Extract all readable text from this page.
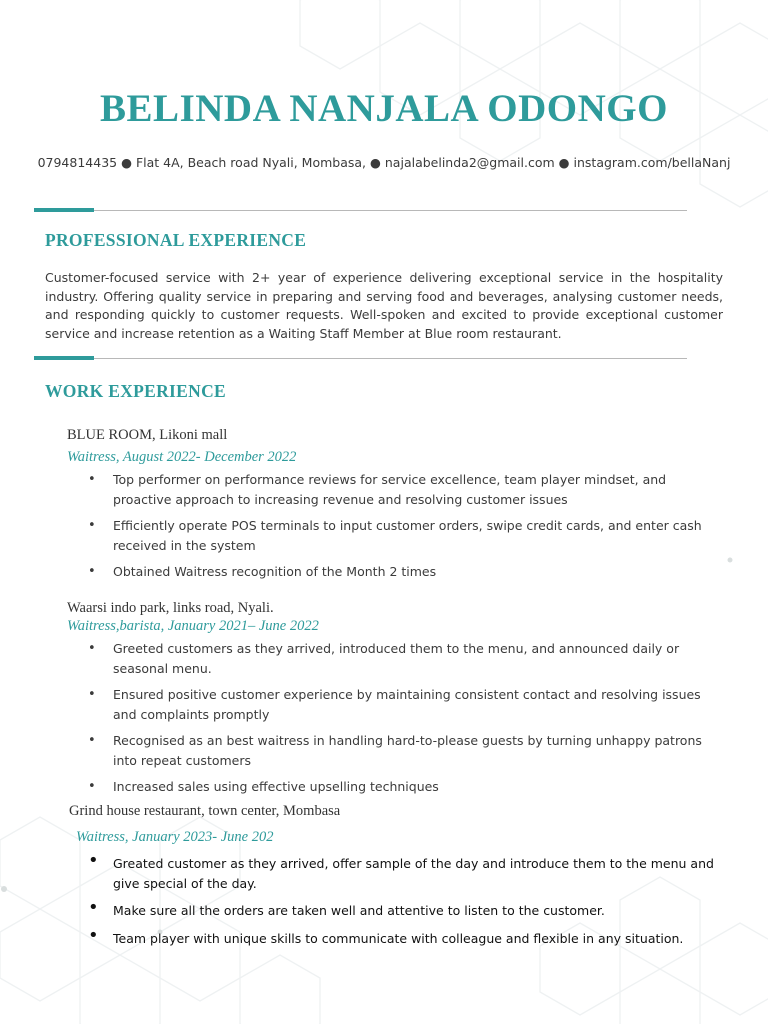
BELINDA NANJALA ODONGO
0794814435 ● Flat 4A, Beach road Nyali, Mombasa, ● najalabelinda2@gmail.com ● instagram.com/bellaNanj
PROFESSIONAL EXPERIENCE

Customer-focused service with 2+ year of experience delivering exceptional service in the hospitality industry. Offering quality service in preparing and serving food and beverages, analysing customer needs, and responding quickly to customer requests. Well-spoken and excited to provide exceptional customer service and increase retention as a Waiting Staff Member at Blue room restaurant.

WORK EXPERIENCE
BLUE ROOM, Likoni mall
Waitress, August 2022- December 2022
• Top performer on performance reviews for service excellence, team player mindset, and proactive approach to increasing revenue and resolving customer issues
• Efficiently operate POS terminals to input customer orders, swipe credit cards, and enter cash received in the system
• Obtained Waitress recognition of the Month 2 times
Waarsi indo park, links road, Nyali.
Waitress,barista, January 2021– June 2022
• Greeted customers as they arrived, introduced them to the menu, and announced daily or seasonal menu.
• Ensured positive customer experience by maintaining consistent contact and resolving issues and complaints promptly
• Recognised as an best waitress in handling hard-to-please guests by turning unhappy patrons into repeat customers
• Increased sales using effective upselling techniques
Grind house restaurant, town center, Mombasa
Waitress, January 2023- June 202
• Greated customer as they arrived, offer sample of the day and introduce them to the menu and give special of the day.
• Make sure all the orders are taken well and attentive to listen to the customer.
• Team player with unique skills to communicate with colleague and flexible in any situation.
